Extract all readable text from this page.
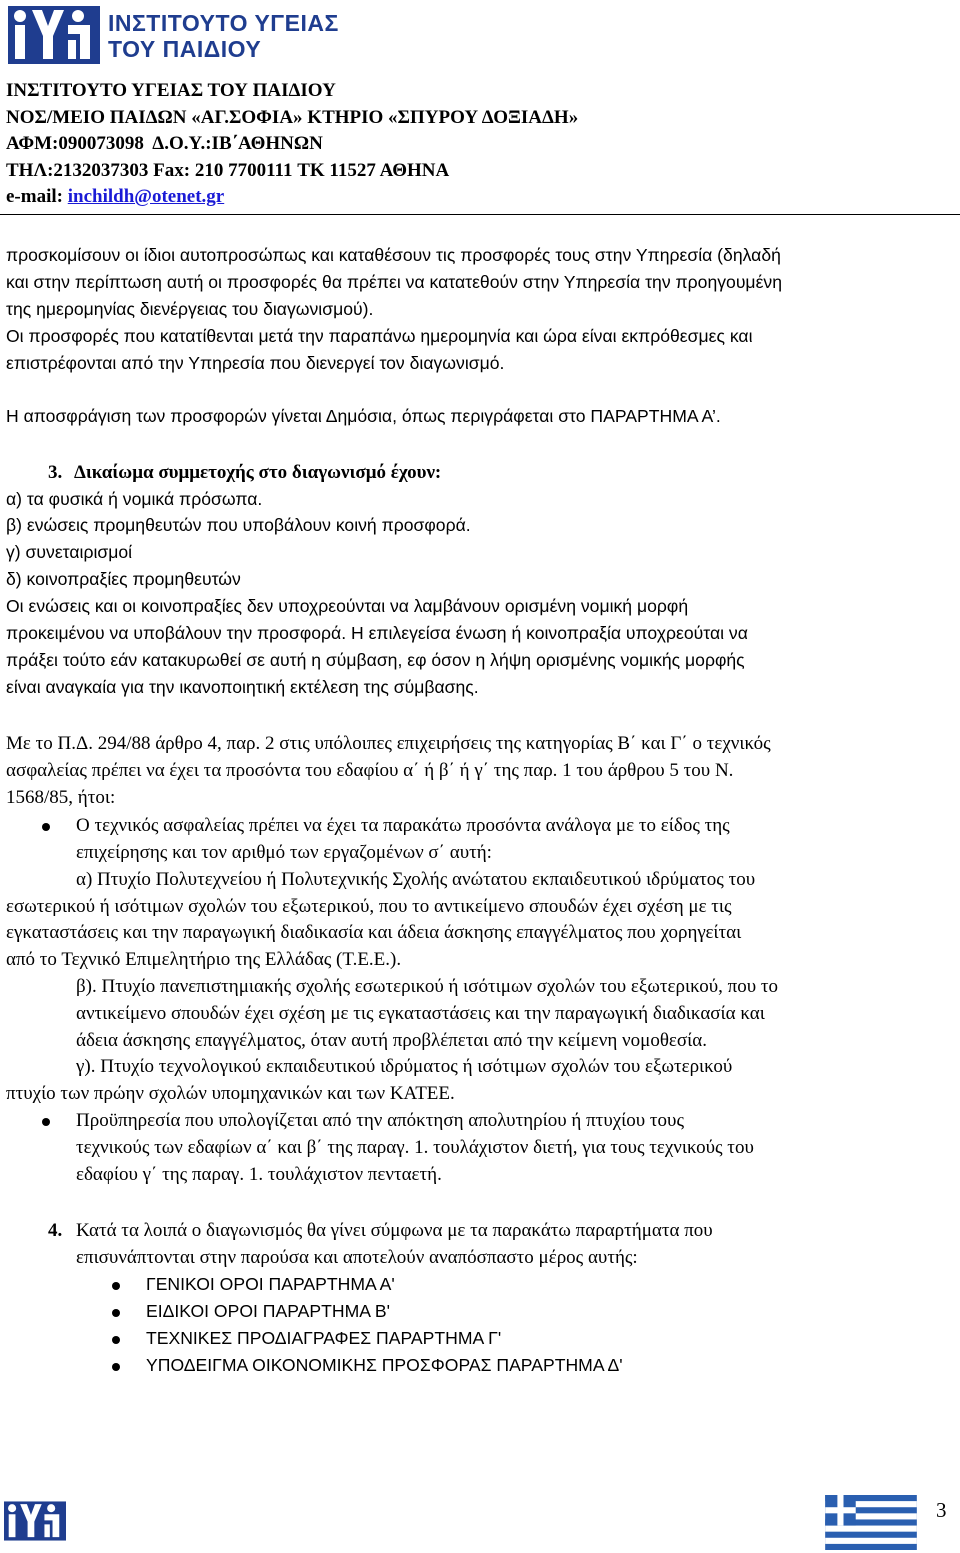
ΙΝΣΤΙΤΟΥΤΟ ΥΓΕΙΑΣ
ΤΟΥ ΠΑΙΔΙΟΥ
ΙΝΣΤΙΤΟΥΤΟ ΥΓΕΙΑΣ ΤΟΥ ΠΑΙΔΙΟΥ
ΝΟΣ/ΜΕΙΟ ΠΑΙΔΩΝ «ΑΓ.ΣΟΦΙΑ» ΚΤΗΡΙΟ «ΣΠΥΡΟΥ ΔΟΞΙΑΔΗ»
ΑΦΜ:090073098  Δ.Ο.Υ.:ΙΒ΄ΑΘΗΝΩΝ
ΤΗΛ:2132037303 Fax: 210 7700111 ΤΚ 11527 ΑΘΗΝΑ
e-mail: inchildh@otenet.gr
προσκομίσουν οι ίδιοι αυτοπροσώπως και καταθέσουν τις προσφορές τους στην Υπηρεσία (δηλαδή
και στην περίπτωση αυτή οι προσφορές θα πρέπει να κατατεθούν στην Υπηρεσία την προηγουμένη
της ημερομηνίας διενέργειας του διαγωνισμού).
Οι προσφορές που κατατίθενται μετά την παραπάνω ημερομηνία και ώρα είναι εκπρόθεσμες και
επιστρέφονται από την Υπηρεσία που διενεργεί τον διαγωνισμό.
Η αποσφράγιση των προσφορών γίνεται Δημόσια, όπως περιγράφεται στο ΠΑΡΑΡΤΗΜΑ Α’.
3. Δικαίωμα συμμετοχής στο διαγωνισμό έχουν:
α) τα φυσικά ή νομικά πρόσωπα.
β) ενώσεις προμηθευτών που υποβάλουν κοινή προσφορά.
γ) συνεταιρισμοί
δ) κοινοπραξίες προμηθευτών
Οι ενώσεις και οι κοινοπραξίες δεν υποχρεούνται να λαμβάνουν ορισμένη νομική μορφή
προκειμένου να υποβάλουν την προσφορά. Η επιλεγείσα ένωση ή κοινοπραξία υποχρεούται να
πράξει τούτο εάν κατακυρωθεί σε αυτή η σύμβαση, εφ όσον η λήψη ορισμένης νομικής μορφής
είναι αναγκαία για την ικανοποιητική εκτέλεση της σύμβασης.
Με το Π.Δ. 294/88 άρθρο 4, παρ. 2 στις υπόλοιπες επιχειρήσεις της κατηγορίας Β΄ και Γ΄ ο τεχνικός
ασφαλείας πρέπει να έχει τα προσόντα του εδαφίου α΄ ή β΄ ή γ΄ της παρ. 1 του άρθρου 5 του Ν.
1568/85, ήτοι:
Ο τεχνικός ασφαλείας πρέπει να έχει τα παρακάτω προσόντα ανάλογα με το είδος της
επιχείρησης και τον αριθμό των εργαζομένων σ΄ αυτή:
α) Πτυχίο Πολυτεχνείου ή Πολυτεχνικής Σχολής ανώτατου εκπαιδευτικού ιδρύματος του
εσωτερικού ή ισότιμων σχολών του εξωτερικού, που το αντικείμενο σπουδών έχει σχέση με τις
εγκαταστάσεις και την παραγωγική διαδικασία και άδεια άσκησης επαγγέλματος που χορηγείται
από το Τεχνικό Επιμελητήριο της Ελλάδας (Τ.Ε.Ε.).
β). Πτυχίο πανεπιστημιακής σχολής εσωτερικού ή ισότιμων σχολών του εξωτερικού, που το
αντικείμενο σπουδών έχει σχέση με τις εγκαταστάσεις και την παραγωγική διαδικασία και
άδεια άσκησης επαγγέλματος, όταν αυτή προβλέπεται από την κείμενη νομοθεσία.
γ). Πτυχίο τεχνολογικού εκπαιδευτικού ιδρύματος ή ισότιμων σχολών του εξωτερικού
πτυχίο των πρώην σχολών υπομηχανικών και των ΚΑΤΕΕ.
Προϋπηρεσία που υπολογίζεται από την απόκτηση απολυτηρίου ή πτυχίου τους
τεχνικούς των εδαφίων α΄ και β΄ της παραγ. 1. τουλάχιστον διετή, για τους τεχνικούς του
εδαφίου γ΄ της παραγ. 1. τουλάχιστον πενταετή.
4. Κατά τα λοιπά ο διαγωνισμός θα γίνει σύμφωνα με τα παρακάτω παραρτήματα που
επισυνάπτονται στην παρούσα και αποτελούν αναπόσπαστο μέρος αυτής:
ΓΕΝΙΚΟΙ ΟΡΟΙ ΠΑΡΑΡΤΗΜΑ Α'
ΕΙΔΙΚΟΙ ΟΡΟΙ ΠΑΡΑΡΤΗΜΑ Β'
ΤΕΧΝΙΚΕΣ ΠΡΟΔΙΑΓΡΑΦΕΣ ΠΑΡΑΡΤΗΜΑ Γ'
ΥΠΟΔΕΙΓΜΑ ΟΙΚΟΝΟΜΙΚΗΣ ΠΡΟΣΦΟΡΑΣ ΠΑΡΑΡΤΗΜΑ Δ'
3
